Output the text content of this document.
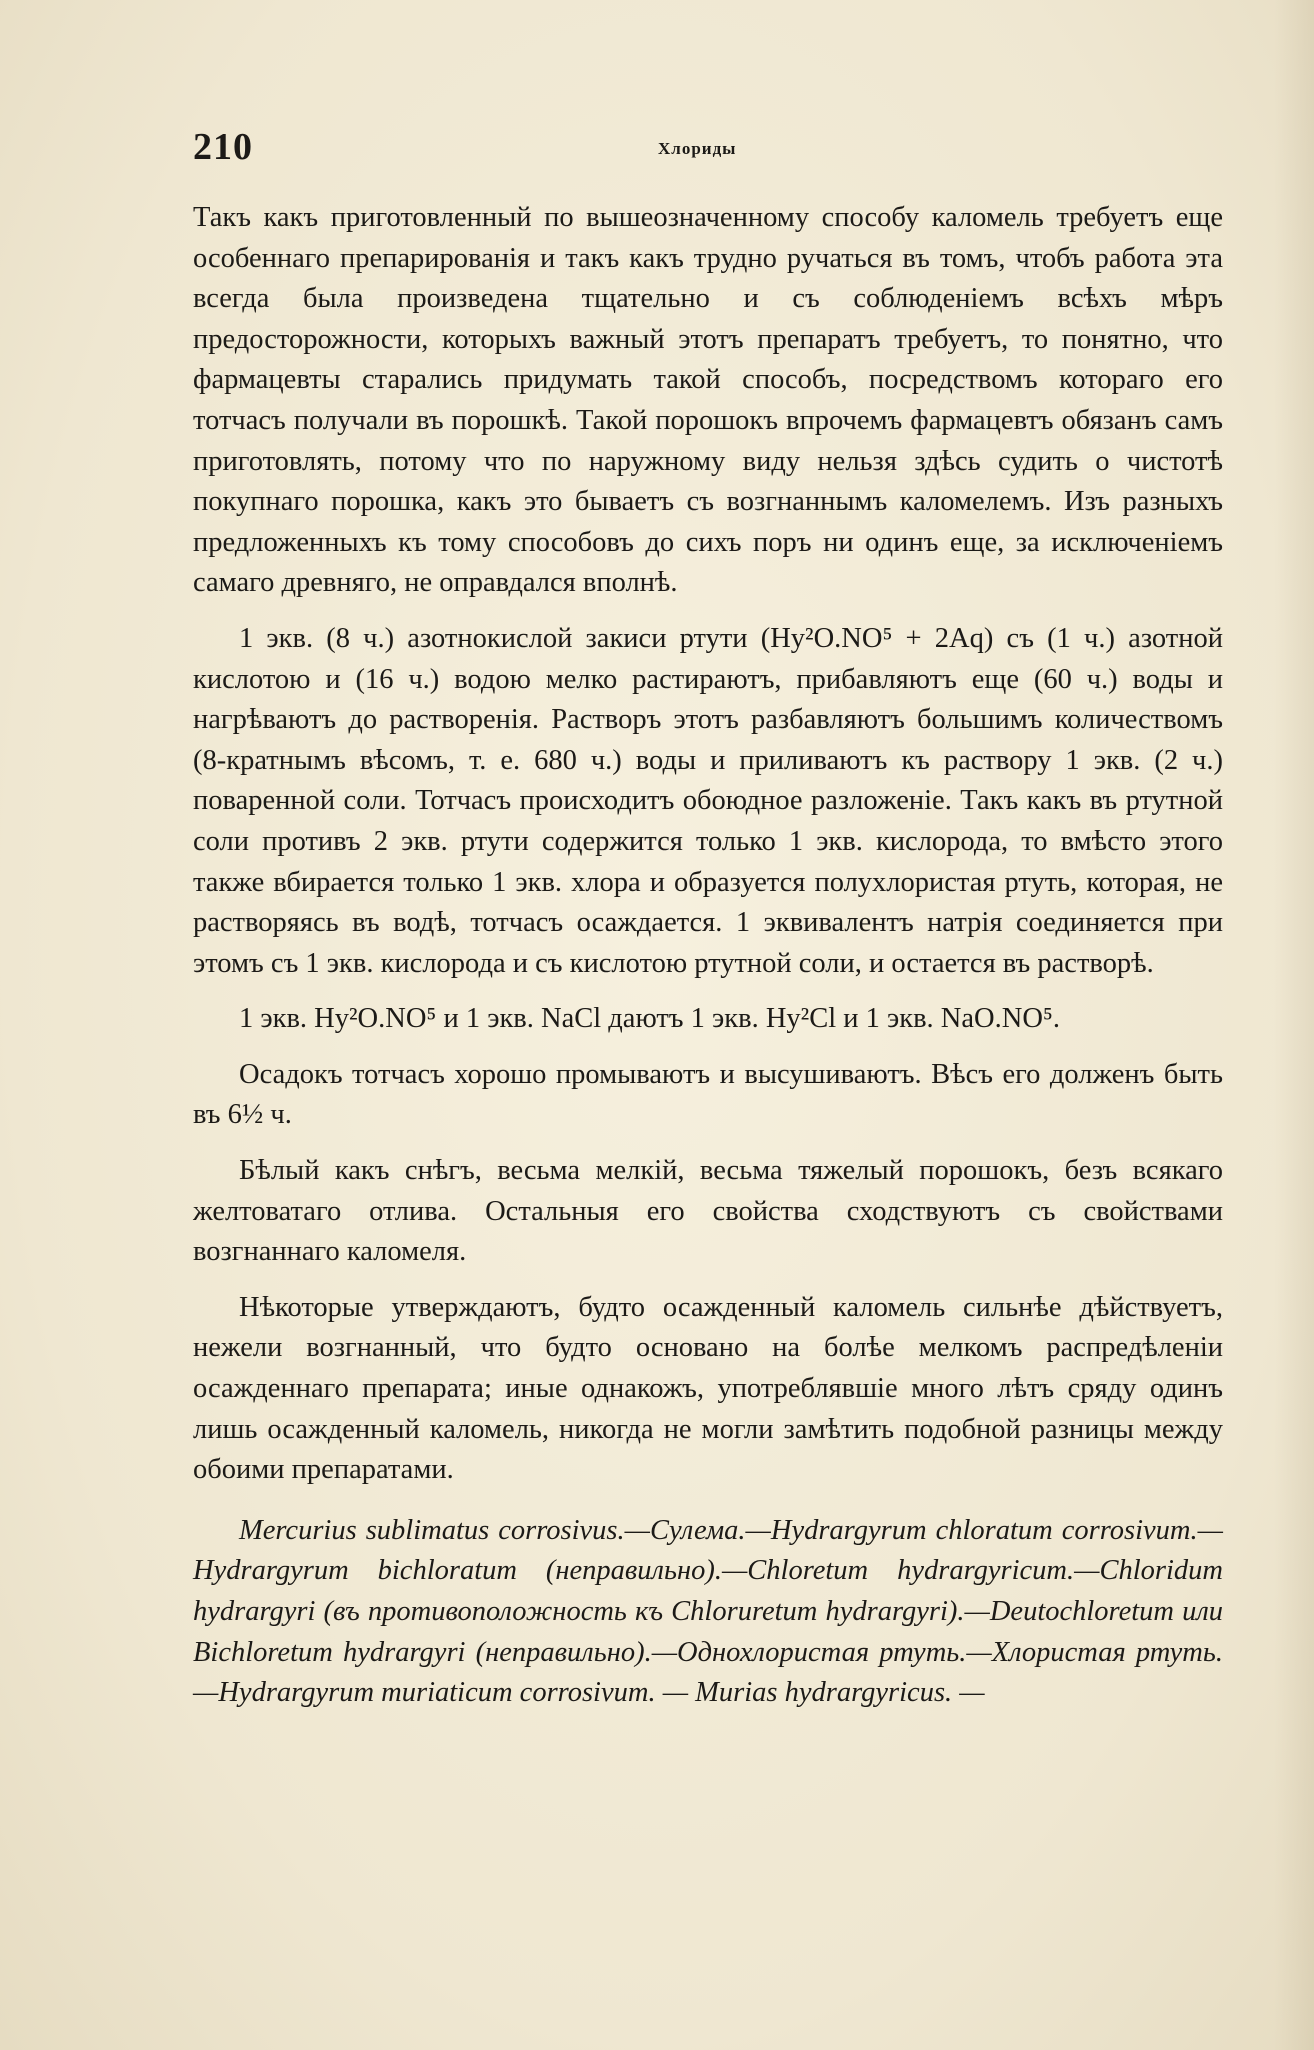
210	Хлориды

Такъ какъ приготовленный по вышеозначенному способу каломель требуетъ еще особеннаго препарированія и такъ какъ трудно ручаться въ томъ, чтобъ работа эта всегда была произведена тщательно и съ соблюденіемъ всѣхъ мѣръ предосторожности, которыхъ важный этотъ препаратъ требуетъ, то понятно, что фармацевты старались придумать такой способъ, посредствомъ котораго его тотчасъ получали въ порошкѣ. Такой порошокъ впрочемъ фармацевтъ обязанъ самъ приготовлять, потому что по наружному виду нельзя здѣсь судить о чистотѣ покупнаго порошка, какъ это бываетъ съ возгнаннымъ каломелемъ. Изъ разныхъ предложенныхъ къ тому способовъ до сихъ поръ ни одинъ еще, за исключеніемъ самаго древняго, не оправдался вполнѣ.

1 экв. (8 ч.) азотнокислой закиси ртути (Hy²O.NO⁵ + 2Aq) съ (1 ч.) азотной кислотою и (16 ч.) водою мелко растираютъ, прибавляютъ еще (60 ч.) воды и нагрѣваютъ до растворенія. Растворъ этотъ разбавляютъ большимъ количествомъ (8-кратнымъ вѣсомъ, т. е. 680 ч.) воды и приливаютъ къ раствору 1 экв. (2 ч.) поваренной соли. Тотчасъ происходитъ обоюдное разложеніе. Такъ какъ въ ртутной соли противъ 2 экв. ртути содержится только 1 экв. кислорода, то вмѣсто этого также вбирается только 1 экв. хлора и образуется полухлористая ртуть, которая, не растворяясь въ водѣ, тотчасъ осаждается. 1 эквивалентъ натрія соединяется при этомъ съ 1 экв. кислорода и съ кислотою ртутной соли, и остается въ растворѣ.

1 экв. Hy²O.NO⁵ и 1 экв. NaCl даютъ 1 экв. Hy²Cl и 1 экв. NaO.NO⁵.

Осадокъ тотчасъ хорошо промываютъ и высушиваютъ. Вѣсъ его долженъ быть въ 6½ ч.

Бѣлый какъ снѣгъ, весьма мелкій, весьма тяжелый порошокъ, безъ всякаго желтоватаго отлива. Остальныя его свойства сходствуютъ съ свойствами возгнаннаго каломеля.

Нѣкоторые утверждаютъ, будто осажденный каломель сильнѣе дѣйствуетъ, нежели возгнанный, что будто основано на болѣе мелкомъ распредѣленіи осажденнаго препарата; иные однакожъ, употреблявшіе много лѣтъ сряду одинъ лишь осажденный каломель, никогда не могли замѣтить подобной разницы между обоими препаратами.

Mercurius sublimatus corrosivus.—Сулема.—Hydrargyrum chloratum corrosivum.—Hydrargyrum bichloratum (неправильно).—Chloretum hydrargyricum.—Chloridum hydrargyri (въ противоположность къ Chloruretum hydrargyri).—Deutochloretum или Bichloretum hydrargyri (неправильно).—Однохлористая ртуть.—Хлористая ртуть.—Hydrargyrum muriaticum corrosivum. — Murias hydrargyricus. —
